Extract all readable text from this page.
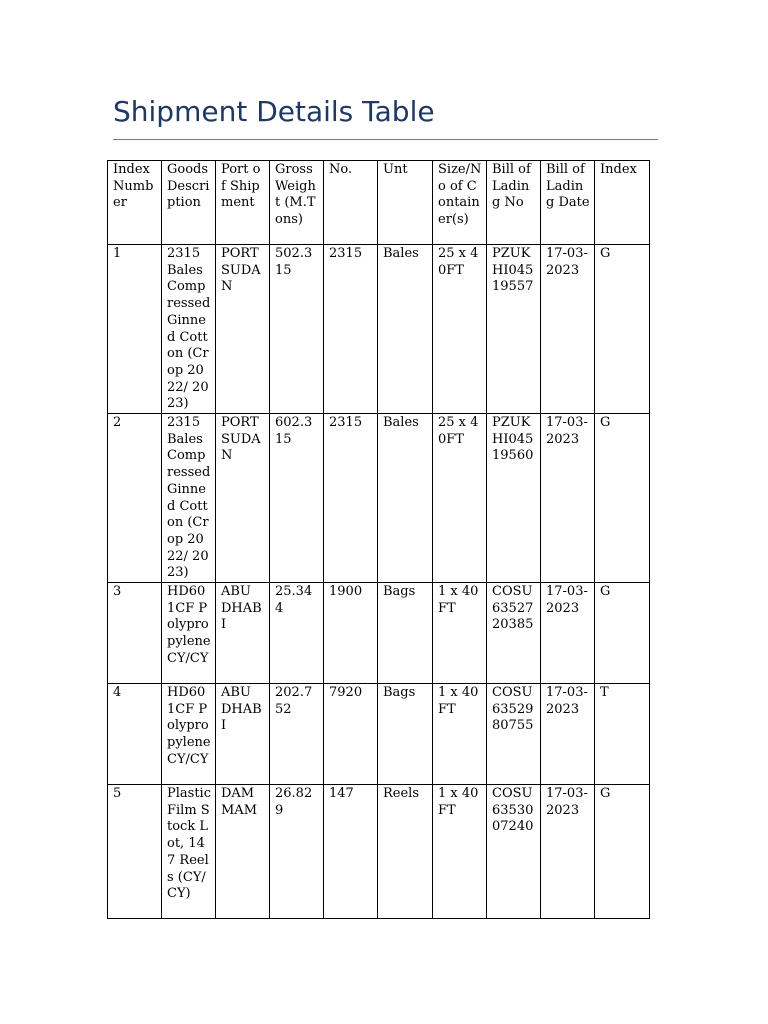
Shipment Details Table
Index Number	Goods Description	Port of Shipment	Gross Weight (M.Tons)	No.	Unt	Size/No of Container(s)	Bill of Lading No	Bill of Lading Date	Index
1	2315 Bales Compressed Ginned Cotton (Crop 2022/ 2023)	PORT SUDAN	502.315	2315	Bales	25 x 40FT	PZUKHI04519557	17-03-2023	G
2	2315 Bales Compressed Ginned Cotton (Crop 2022/ 2023)	PORT SUDAN	602.315	2315	Bales	25 x 40FT	PZUKHI04519560	17-03-2023	G
3	HD601CF Polypropylene CY/CY	ABU DHABI	25.344	1900	Bags	1 x 40FT	COSU6352720385	17-03-2023	G
4	HD601CF Polypropylene CY/CY	ABU DHABI	202.752	7920	Bags	1 x 40FT	COSU6352980755	17-03-2023	T
5	Plastic Film Stock Lot, 147 Reels (CY/CY)	DAMMAM	26.829	147	Reels	1 x 40FT	COSU6353007240	17-03-2023	G
